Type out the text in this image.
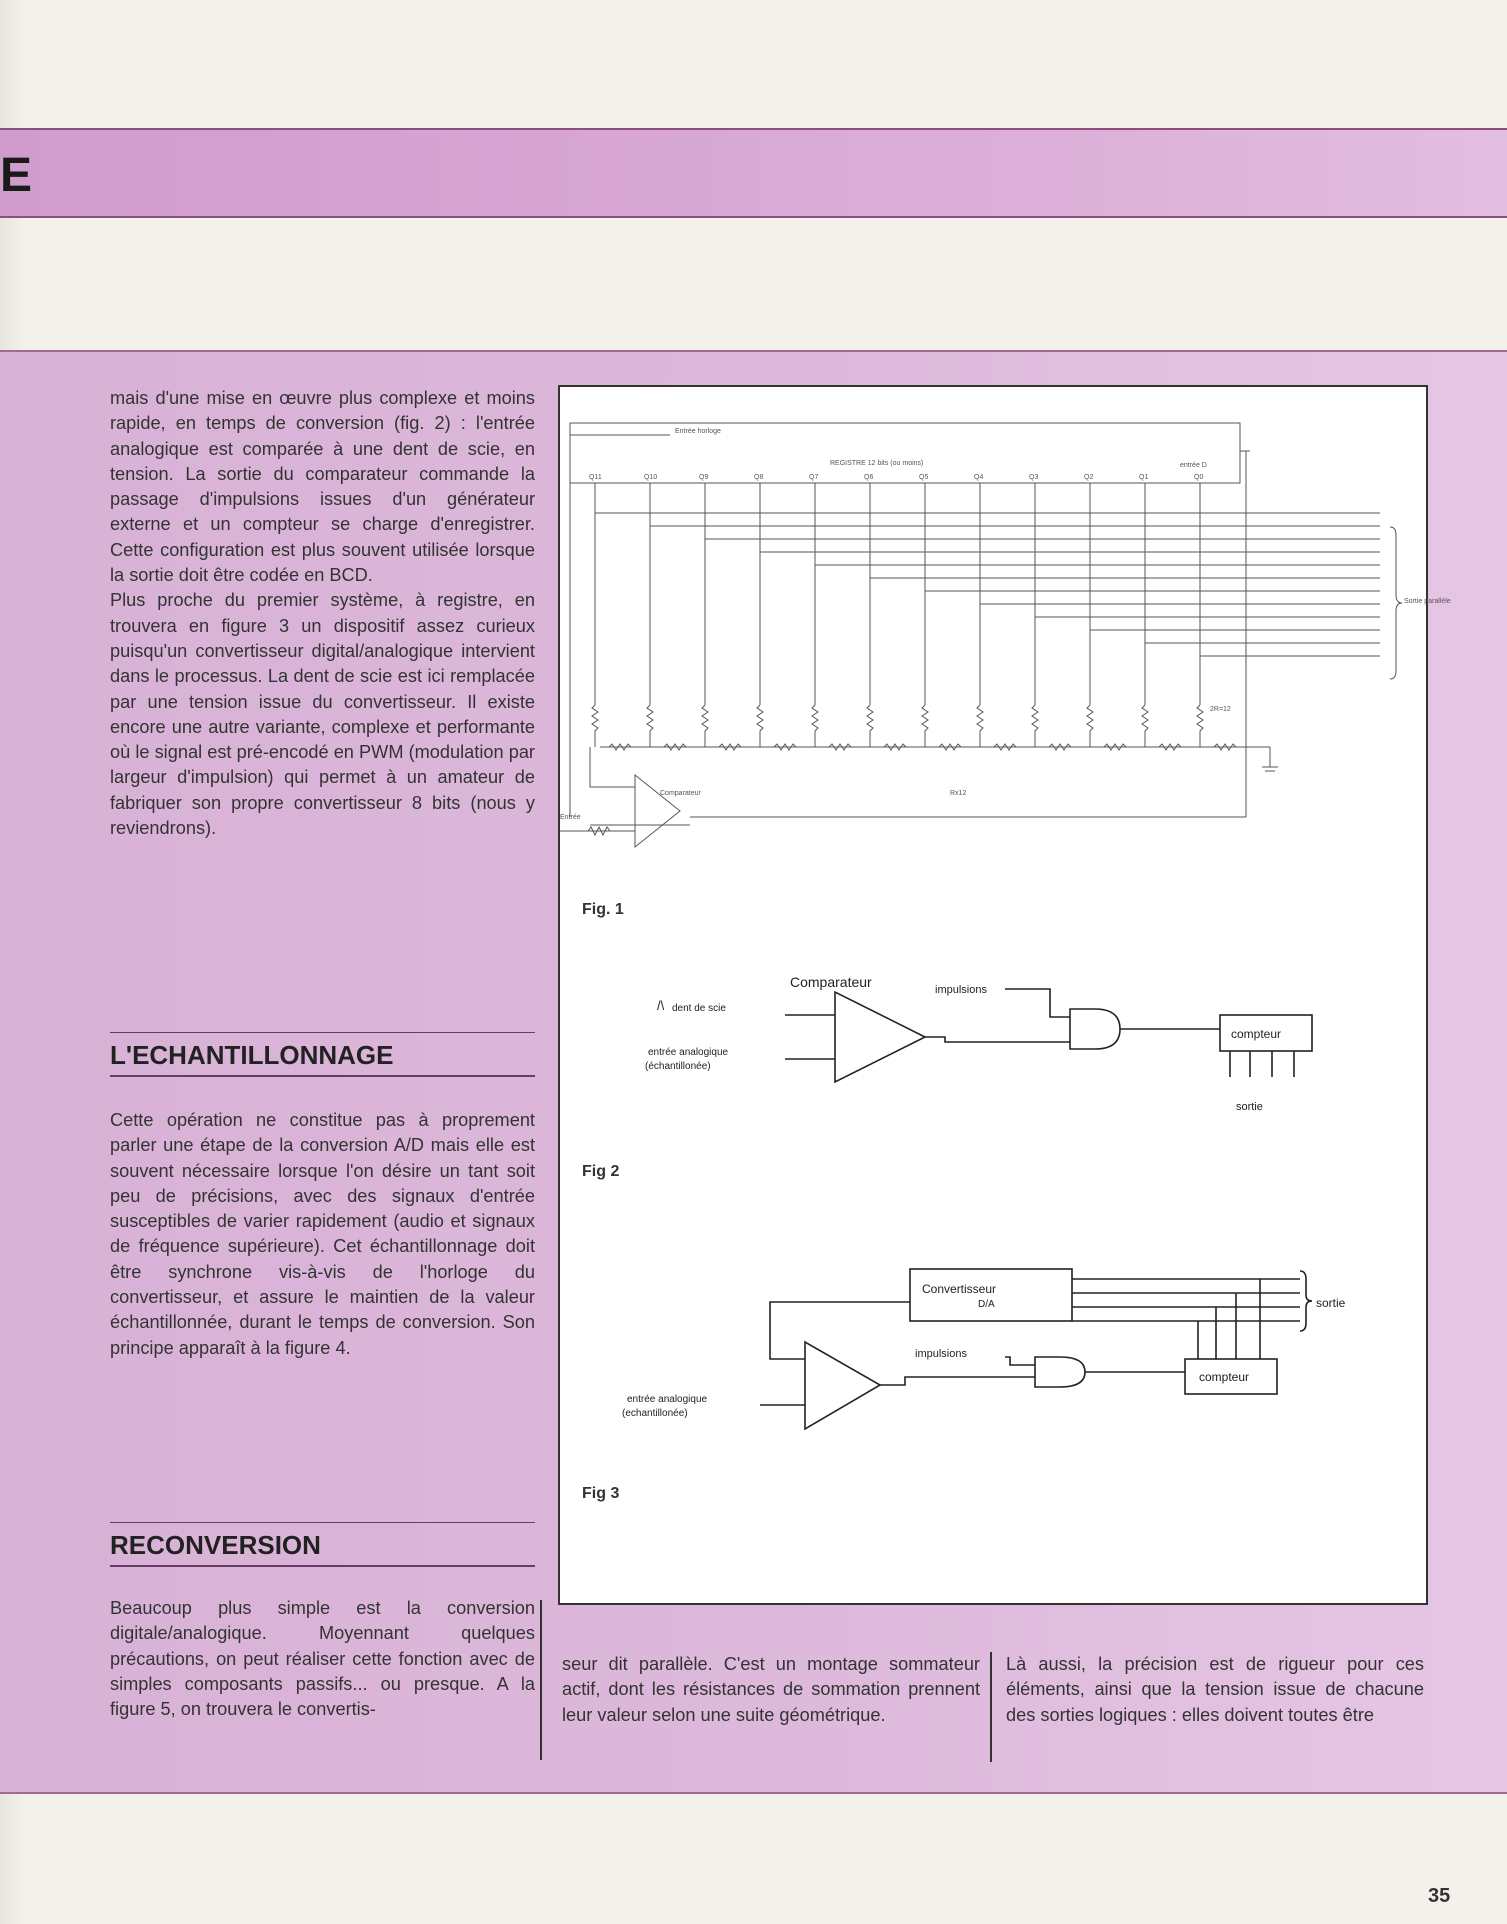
E

mais d'une mise en œuvre plus complexe et moins rapide, en temps de conversion (fig. 2) : l'entrée analogique est comparée à une dent de scie, en tension. La sortie du comparateur commande la passage d'impulsions issues d'un générateur externe et un compteur se charge d'enregistrer. Cette configuration est plus souvent utilisée lorsque la sortie doit être codée en BCD.

Plus proche du premier système, à registre, en trouvera en figure 3 un dispositif assez curieux puisqu'un convertisseur digital/analogique intervient dans le processus. La dent de scie est ici remplacée par une tension issue du convertisseur. Il existe encore une autre variante, complexe et performante où le signal est pré-encodé en PWM (modulation par largeur d'impulsion) qui permet à un amateur de fabriquer son propre convertisseur 8 bits (nous y reviendrons).

L'ECHANTILLONNAGE

Cette opération ne constitue pas à proprement parler une étape de la conversion A/D mais elle est souvent nécessaire lorsque l'on désire un tant soit peu de précisions, avec des signaux d'entrée susceptibles de varier rapidement (audio et signaux de fréquence supérieure). Cet échantillonnage doit être synchrone vis-à-vis de l'horloge du convertisseur, et assure le maintien de la valeur échantillonnée, durant le temps de conversion. Son principe apparaît à la figure 4.

RECONVERSION

Beaucoup plus simple est la conversion digitale/analogique. Moyennant quelques précautions, on peut réaliser cette fonction avec de simples composants passifs... ou presque. A la figure 5, on trouvera le convertis-

seur dit parallèle. C'est un montage sommateur actif, dont les résistances de sommation prennent leur valeur selon une suite géométrique.

Là aussi, la précision est de rigueur pour ces éléments, ainsi que la tension issue de chacune des sorties logiques : elles doivent toutes être

Entrée horloge
REGISTRE 12 bits (ou moins)	entrée D
Sortie parallèle
2R=12
Comparateur	Rx12
Entrée
Q11	Q10	Q9	Q8	Q7	Q6	Q5	Q4	Q3	Q2	Q1	Q0
Comparateur
/\ dent de scie
entrée analogique
(échantillonée)
impulsions
compteur
sortie
Convertisseur
D/A	sortie
impulsions
compteur
entrée analogique
(echantillonée)
Fig. 1
Fig 2
Fig 3
35
